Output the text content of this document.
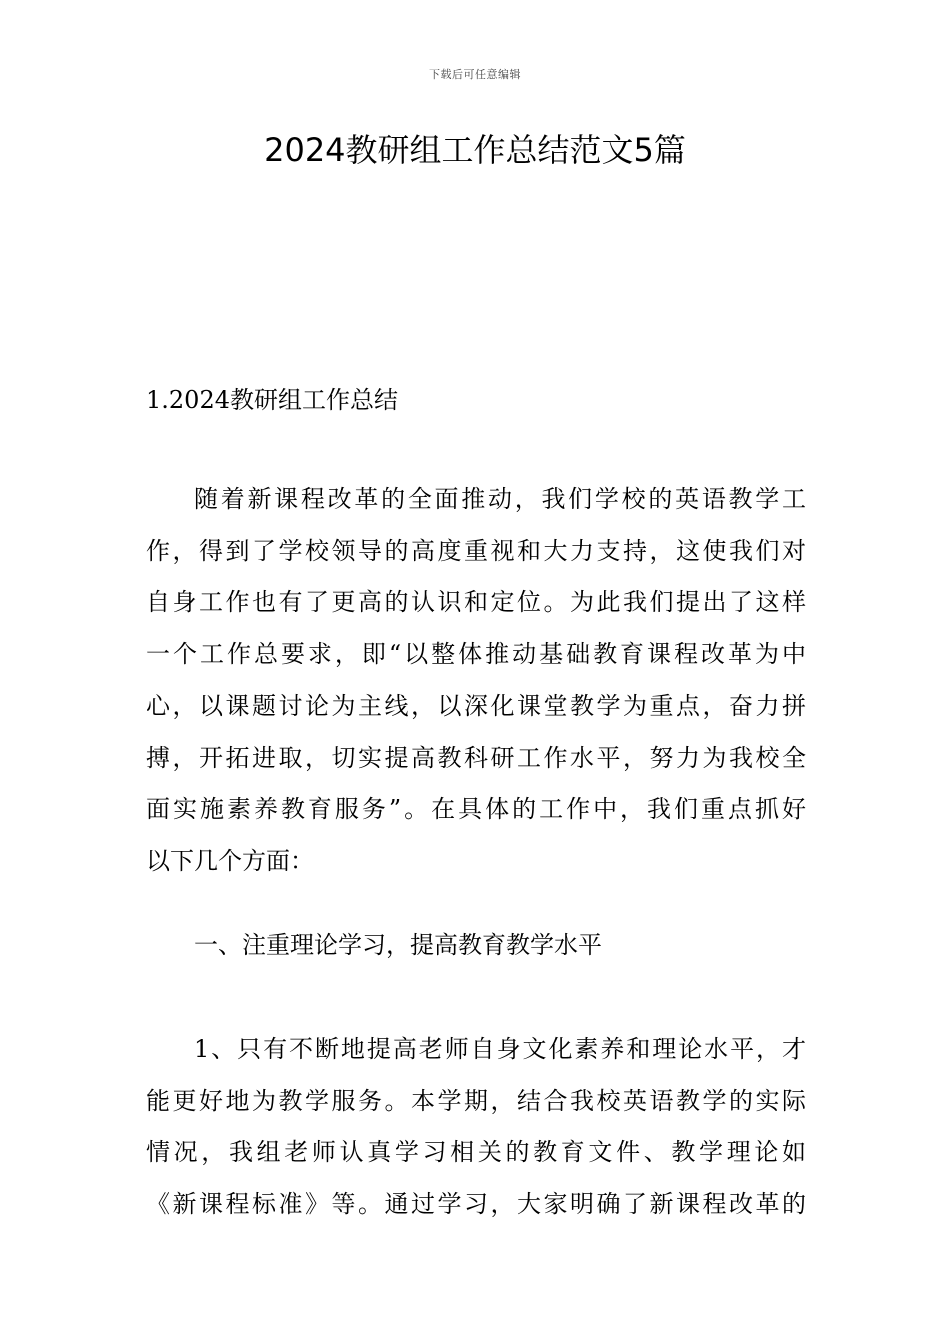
下载后可任意编辑
2024教研组工作总结范文5篇
1.2024教研组工作总结

随着新课程改革的全面推动，我们学校的英语教学工
作，得到了学校领导的高度重视和大力支持，这使我们对
自身工作也有了更高的认识和定位。为此我们提出了这样
一个工作总要求，即“以整体推动基础教育课程改革为中
心，以课题讨论为主线，以深化课堂教学为重点，奋力拼
搏，开拓进取，切实提高教科研工作水平，努力为我校全
面实施素养教育服务”。在具体的工作中，我们重点抓好
以下几个方面：

一、注重理论学习，提高教育教学水平

1、只有不断地提高老师自身文化素养和理论水平，才
能更好地为教学服务。本学期，结合我校英语教学的实际
情况，我组老师认真学习相关的教育文件、教学理论如
《新课程标准》等。通过学习，大家明确了新课程改革的
